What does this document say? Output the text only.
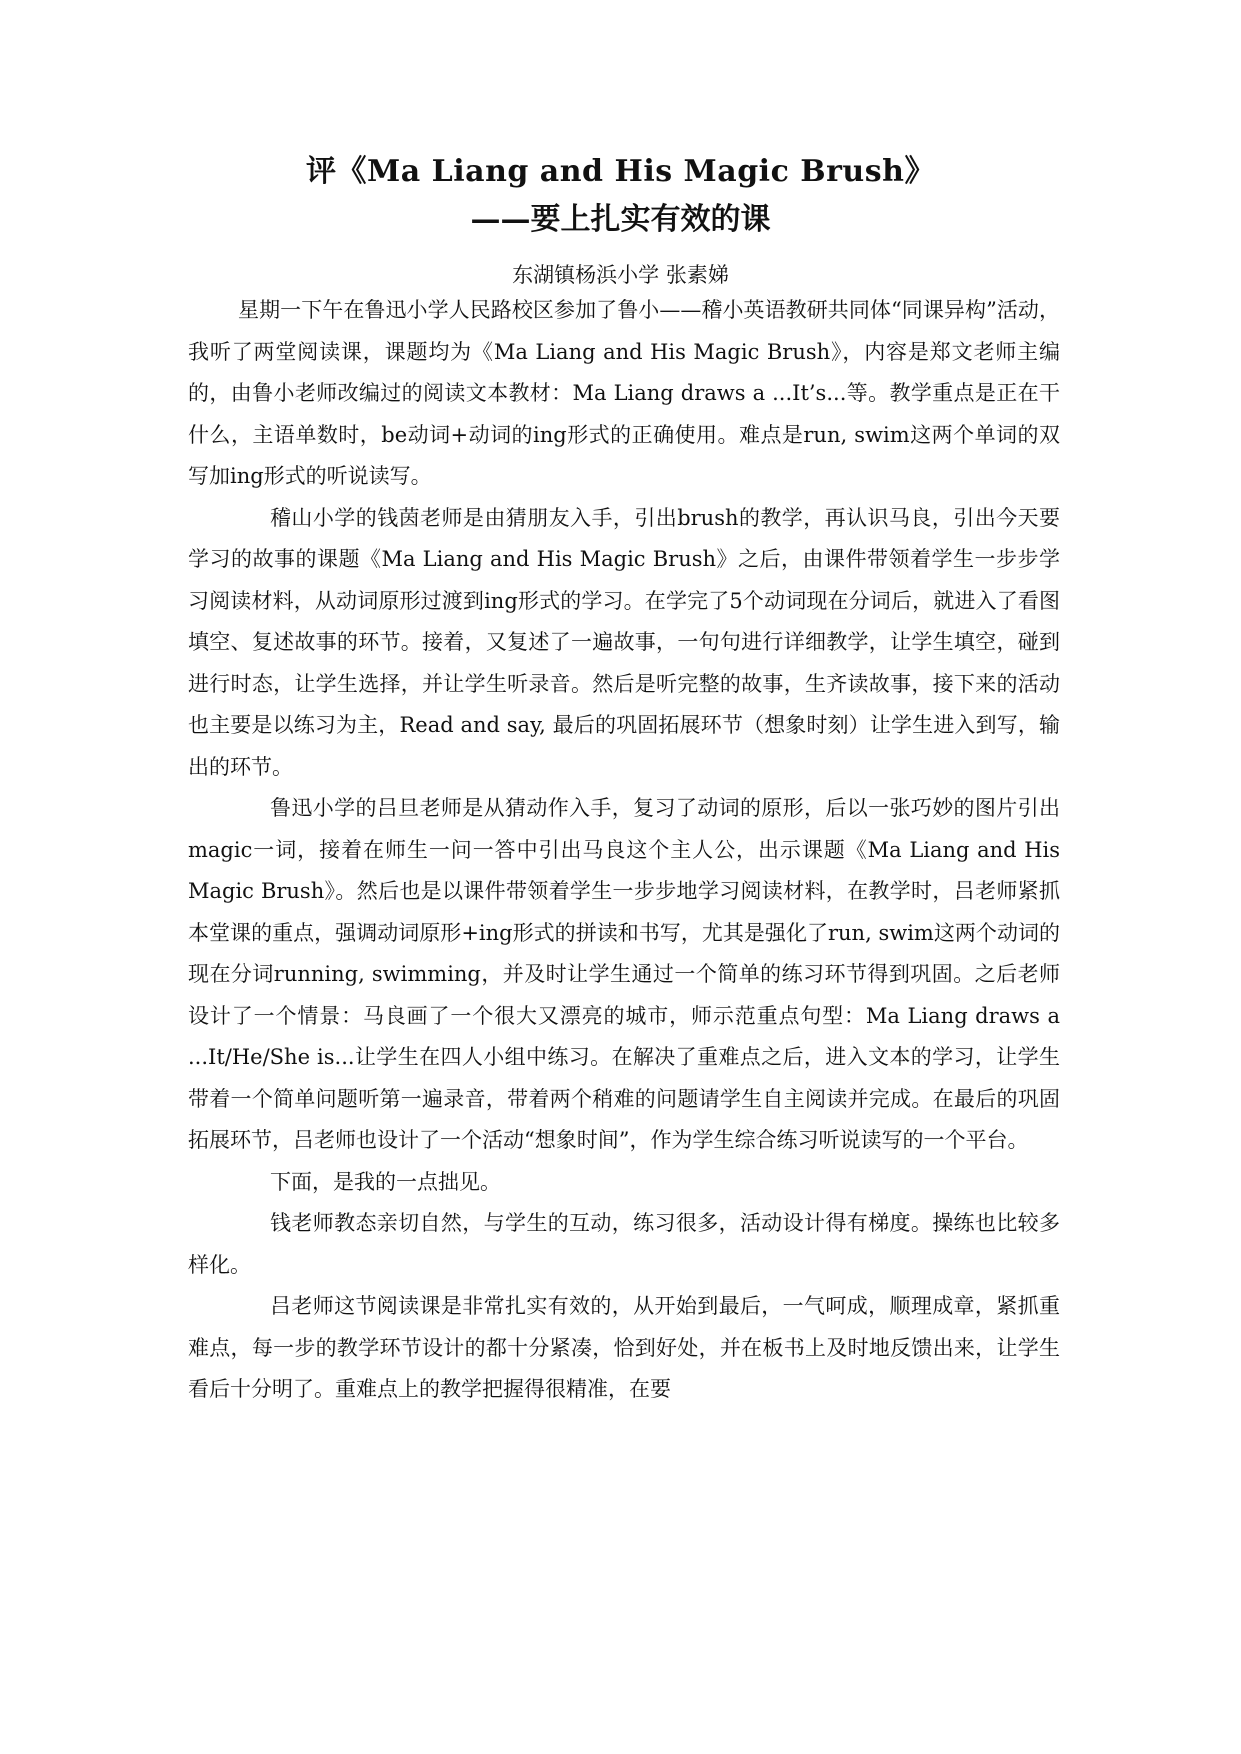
评《Ma Liang and His Magic Brush》
——要上扎实有效的课
东湖镇杨浜小学 张素娣

星期一下午在鲁迅小学人民路校区参加了鲁小——稽小英语教研共同体“同课异构”活动，我听了两堂阅读课，课题均为《Ma Liang and His Magic Brush》，内容是郑文老师主编的，由鲁小老师改编过的阅读文本教材：Ma Liang draws a ...It’s...等。教学重点是正在干什么，主语单数时，be动词+动词的ing形式的正确使用。难点是run, swim这两个单词的双写加ing形式的听说读写。

稽山小学的钱茵老师是由猜朋友入手，引出brush的教学，再认识马良，引出今天要学习的故事的课题《Ma Liang and His Magic Brush》之后，由课件带领着学生一步步学习阅读材料，从动词原形过渡到ing形式的学习。在学完了5个动词现在分词后，就进入了看图填空、复述故事的环节。接着，又复述了一遍故事，一句句进行详细教学，让学生填空，碰到进行时态，让学生选择，并让学生听录音。然后是听完整的故事，生齐读故事，接下来的活动也主要是以练习为主，Read and say, 最后的巩固拓展环节（想象时刻）让学生进入到写，输出的环节。

鲁迅小学的吕旦老师是从猜动作入手，复习了动词的原形，后以一张巧妙的图片引出magic一词，接着在师生一问一答中引出马良这个主人公，出示课题《Ma Liang and His Magic Brush》。然后也是以课件带领着学生一步步地学习阅读材料，在教学时，吕老师紧抓本堂课的重点，强调动词原形+ing形式的拼读和书写，尤其是强化了run, swim这两个动词的现在分词running, swimming，并及时让学生通过一个简单的练习环节得到巩固。之后老师设计了一个情景：马良画了一个很大又漂亮的城市，师示范重点句型：Ma Liang draws a ...It/He/She is...让学生在四人小组中练习。在解决了重难点之后，进入文本的学习，让学生带着一个简单问题听第一遍录音，带着两个稍难的问题请学生自主阅读并完成。在最后的巩固拓展环节，吕老师也设计了一个活动“想象时间”，作为学生综合练习听说读写的一个平台。

下面，是我的一点拙见。

钱老师教态亲切自然，与学生的互动，练习很多，活动设计得有梯度。操练也比较多样化。

吕老师这节阅读课是非常扎实有效的，从开始到最后，一气呵成，顺理成章，紧抓重难点，每一步的教学环节设计的都十分紧凑，恰到好处，并在板书上及时地反馈出来，让学生看后十分明了。重难点上的教学把握得很精准，在要
